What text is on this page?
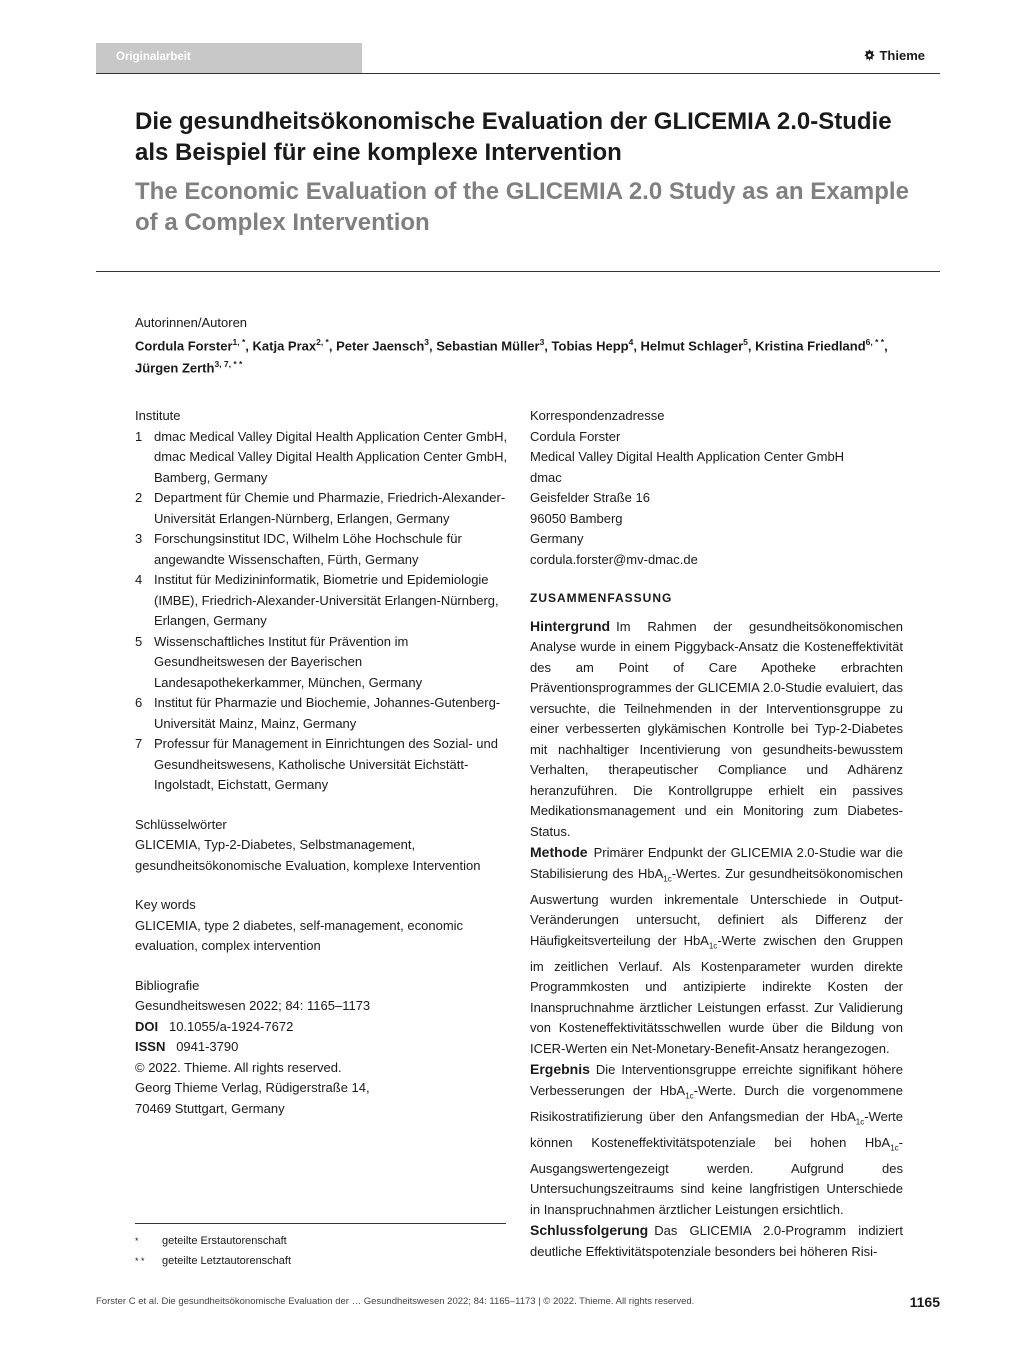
Originalarbeit	Thieme
Die gesundheitsökonomische Evaluation der GLICEMIA 2.0-Studie als Beispiel für eine komplexe Intervention
The Economic Evaluation of the GLICEMIA 2.0 Study as an Example of a Complex Intervention
Autorinnen/Autoren
Cordula Forster$^{1, *}$, Katja Prax$^{2, *}$, Peter Jaensch$^3$, Sebastian Müller$^3$, Tobias Hepp$^4$, Helmut Schlager$^5$, Kristina Friedland$^{6, * *}$, Jürgen Zerth$^{3, 7, * *}$
Institute
1 dmac Medical Valley Digital Health Application Center GmbH, dmac Medical Valley Digital Health Application Center GmbH, Bamberg, Germany
2 Department für Chemie und Pharmazie, Friedrich-Alexander-Universität Erlangen-Nürnberg, Erlangen, Germany
3 Forschungsinstitut IDC, Wilhelm Löhe Hochschule für angewandte Wissenschaften, Fürth, Germany
4 Institut für Medizininformatik, Biometrie und Epidemiologie (IMBE), Friedrich-Alexander-Universität Erlangen-Nürnberg, Erlangen, Germany
5 Wissenschaftliches Institut für Prävention im Gesundheitswesen der Bayerischen Landesapothekerkammer, München, Germany
6 Institut für Pharmazie und Biochemie, Johannes-Gutenberg-Universität Mainz, Mainz, Germany
7 Professur für Management in Einrichtungen des Sozial- und Gesundheitswesens, Katholische Universität Eichstätt-Ingolstadt, Eichstatt, Germany
Schlüsselwörter
GLICEMIA, Typ-2-Diabetes, Selbstmanagement, gesundheitsökonomische Evaluation, komplexe Intervention
Key words
GLICEMIA, type 2 diabetes, self-management, economic evaluation, complex intervention
Bibliografie
Gesundheitswesen 2022; 84: 1165–1173
DOI 10.1055/a-1924-7672
ISSN 0941-3790
© 2022. Thieme. All rights reserved.
Georg Thieme Verlag, Rüdigerstraße 14,
70469 Stuttgart, Germany
Korrespondenzadresse
Cordula Forster
Medical Valley Digital Health Application Center GmbH
dmac
Geisfelder Straße 16
96050 Bamberg
Germany
cordula.forster@mv-dmac.de
ZUSAMMENFASSUNG

Hintergrund Im Rahmen der gesundheitsökonomischen Analyse wurde in einem Piggyback-Ansatz die Kosteneffektivität des am Point of Care Apotheke erbrachten Präventionsprogrammes der GLICEMIA 2.0-Studie evaluiert, das versuchte, die Teilnehmenden in der Interventionsgruppe zu einer verbesserten glykämischen Kontrolle bei Typ-2-Diabetes mit nachhaltiger Incentivierung von gesundheits-bewusstem Verhalten, therapeutischer Compliance und Adhärenz heranzuführen. Die Kontrollgruppe erhielt ein passives Medikationsmanagement und ein Monitoring zum Diabetes-Status.

Methode Primärer Endpunkt der GLICEMIA 2.0-Studie war die Stabilisierung des HbA$_{1c}$-Wertes. Zur gesundheitsökonomischen Auswertung wurden inkrementale Unterschiede in Output-Veränderungen untersucht, definiert als Differenz der Häufigkeitsverteilung der HbA$_{1c}$-Werte zwischen den Gruppen im zeitlichen Verlauf. Als Kostenparameter wurden direkte Programmkosten und antizipierte indirekte Kosten der Inanspruchnahme ärztlicher Leistungen erfasst. Zur Validierung von Kosteneffektivitätsschwellen wurde über die Bildung von ICER-Werten ein Net-Monetary-Benefit-Ansatz herangezogen.

Ergebnis Die Interventionsgruppe erreichte signifikant höhere Verbesserungen der HbA$_{1c}$-Werte. Durch die vorgenommene Risikostratifizierung über den Anfangsmedian der HbA$_{1c}$-Werte können Kosteneffektivitätspotenziale bei hohen HbA$_{1c}$-Ausgangswertengezeigt werden. Aufgrund des Untersuchungszeitraums sind keine langfristigen Unterschiede in Inanspruchnahmen ärztlicher Leistungen ersichtlich.

Schlussfolgerung Das GLICEMIA 2.0-Programm indiziert deutliche Effektivitätspotenziale besonders bei höheren Risi-

*	geteilte Erstautorenschaft
* *	geteilte Letztautorenschaft
Forster C et al. Die gesundheitsökonomische Evaluation der … Gesundheitswesen 2022; 84: 1165–1173 | © 2022. Thieme. All rights reserved.	1165
